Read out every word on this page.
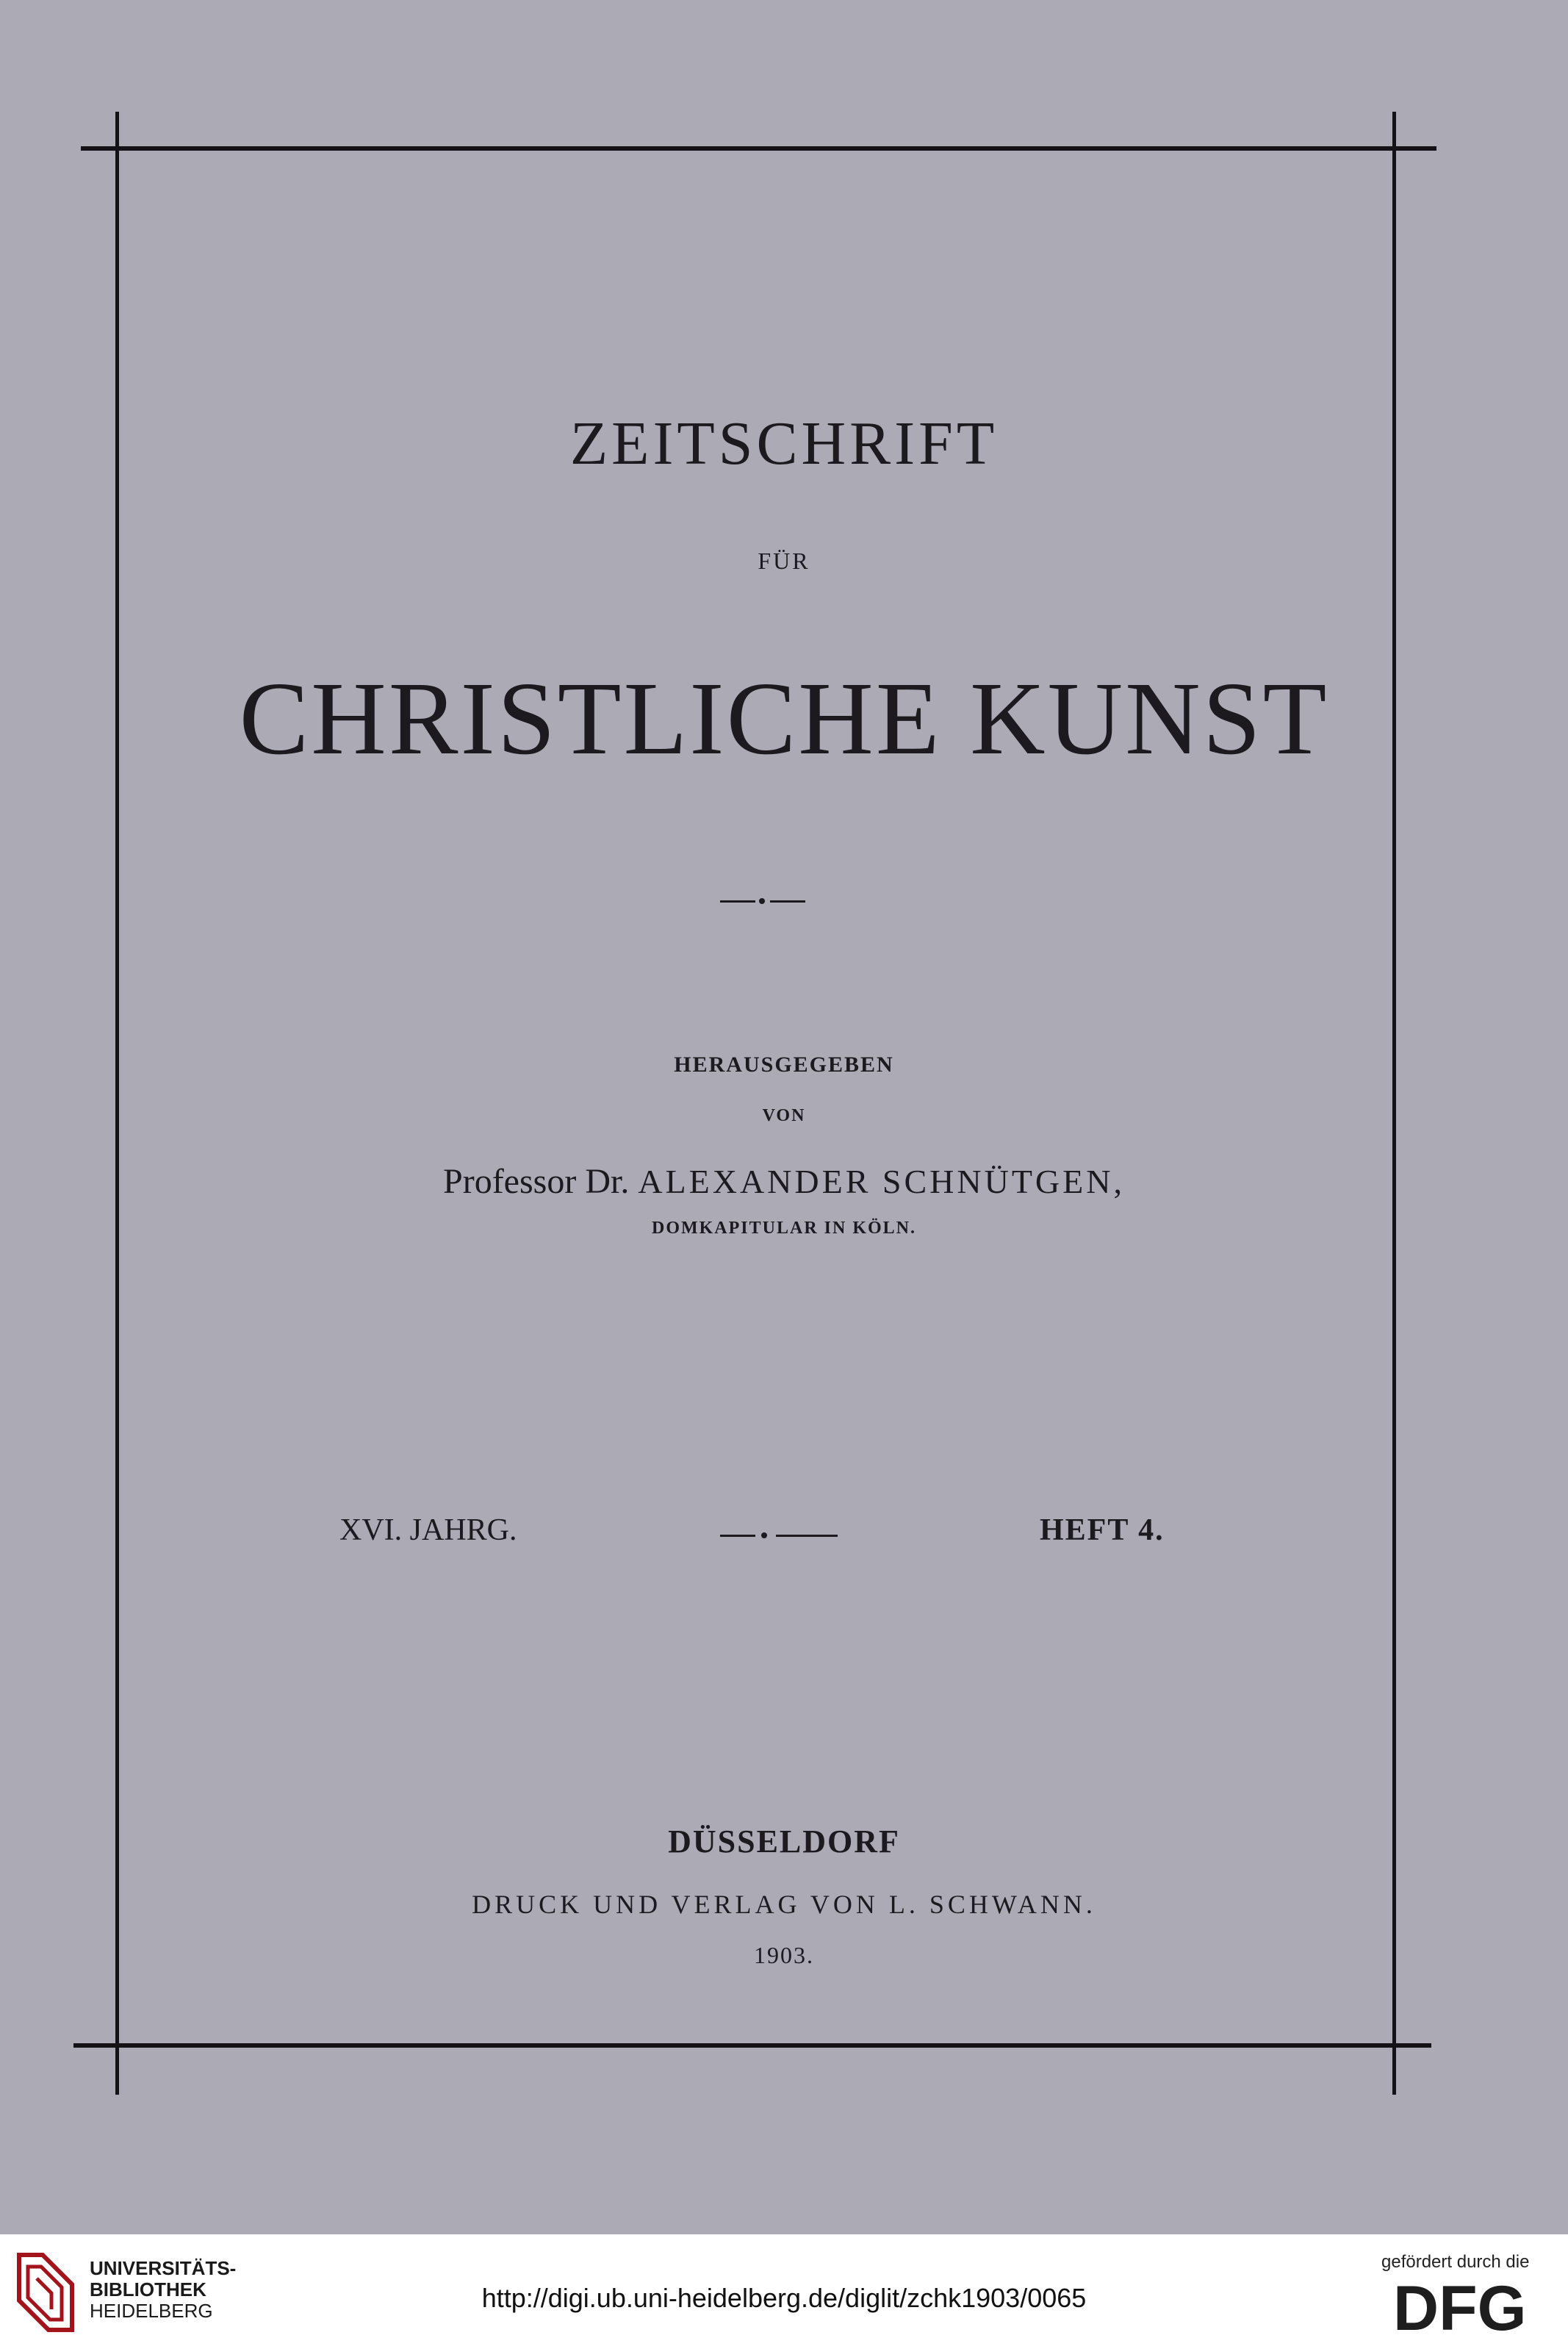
ZEITSCHRIFT
FÜR
CHRISTLICHE KUNST
HERAUSGEGEBEN
VON
Professor Dr. ALEXANDER SCHNÜTGEN,
DOMKAPITULAR IN KÖLN.
XVI. JAHRG.	HEFT 4.
DÜSSELDORF
DRUCK UND VERLAG VON L. SCHWANN.
1903.
UNIVERSITÄTS-
BIBLIOTHEK
HEIDELBERG	http://digi.ub.uni-heidelberg.de/diglit/zchk1903/0065
gefördert durch die
DFG
